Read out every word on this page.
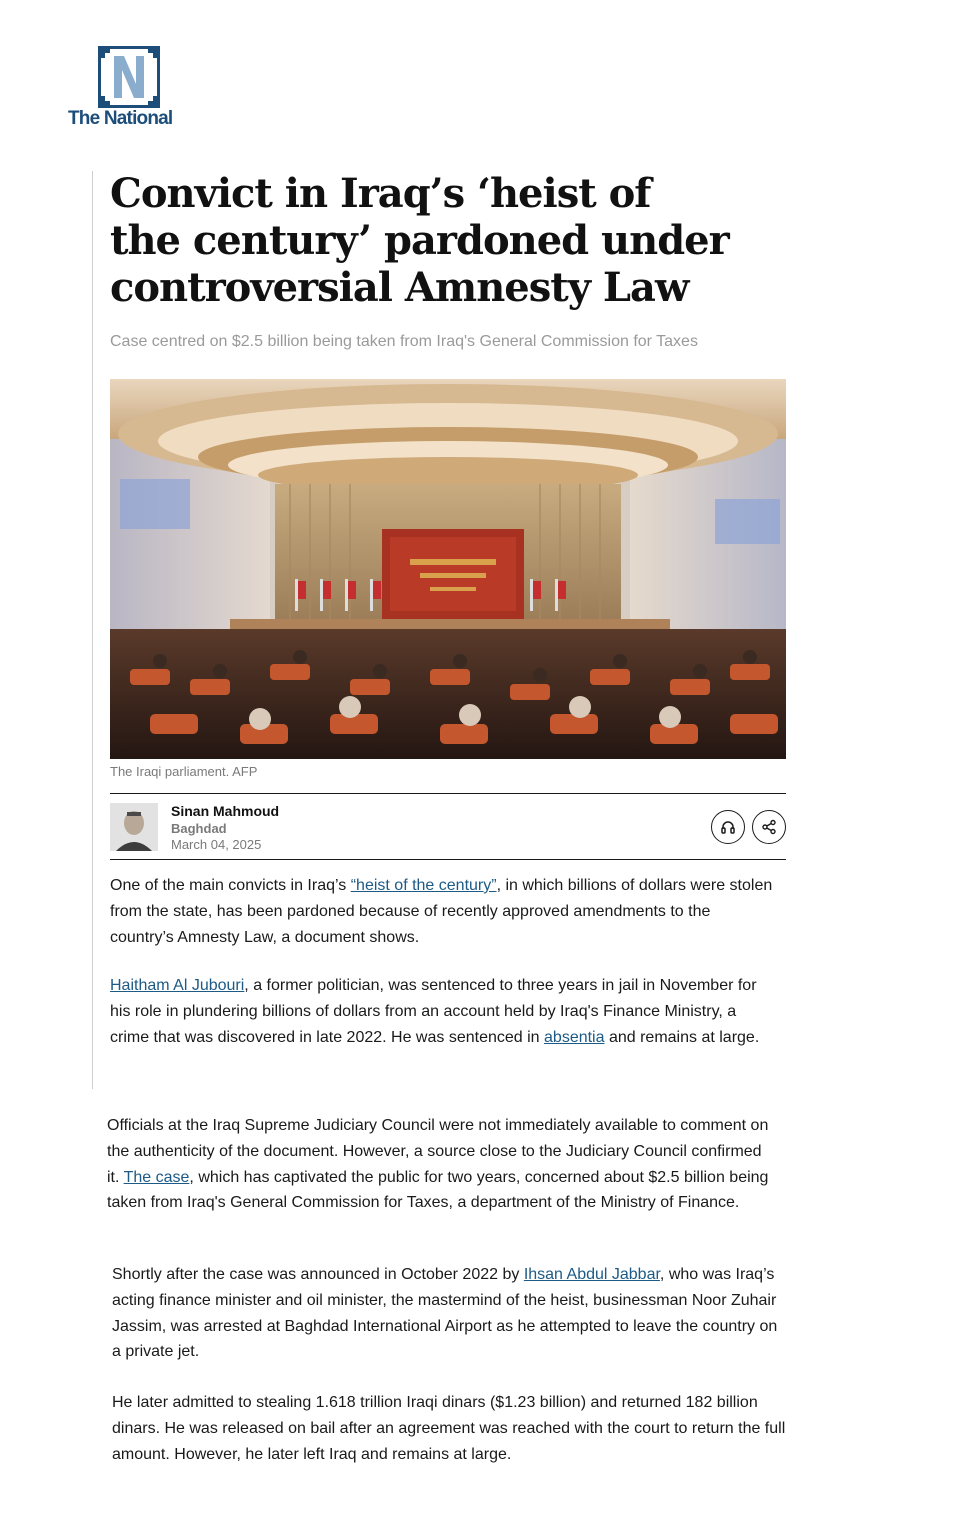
The National
Convict in Iraq’s ‘heist of the century’ pardoned under controversial Amnesty Law

Case centred on $2.5 billion being taken from Iraq's General Commission for Taxes

The Iraqi parliament. AFP
Sinan Mahmoud
Baghdad
March 04, 2025

One of the main convicts in Iraq’s “heist of the century”, in which billions of dollars were stolen from the state, has been pardoned because of recently approved amendments to the country’s Amnesty Law, a document shows.

Haitham Al Jubouri, a former politician, was sentenced to three years in jail in November for his role in plundering billions of dollars from an account held by Iraq's Finance Ministry, a crime that was discovered in late 2022. He was sentenced in absentia and remains at large.

Officials at the Iraq Supreme Judiciary Council were not immediately available to comment on the authenticity of the document. However, a source close to the Judiciary Council confirmed it. The case, which has captivated the public for two years, concerned about $2.5 billion being taken from Iraq's General Commission for Taxes, a department of the Ministry of Finance.

Shortly after the case was announced in October 2022 by Ihsan Abdul Jabbar, who was Iraq’s acting finance minister and oil minister, the mastermind of the heist, businessman Noor Zuhair Jassim, was arrested at Baghdad International Airport as he attempted to leave the country on a private jet.

He later admitted to stealing 1.618 trillion Iraqi dinars ($1.23 billion) and returned 182 billion dinars. He was released on bail after an agreement was reached with the court to return the full amount. However, he later left Iraq and remains at large.
